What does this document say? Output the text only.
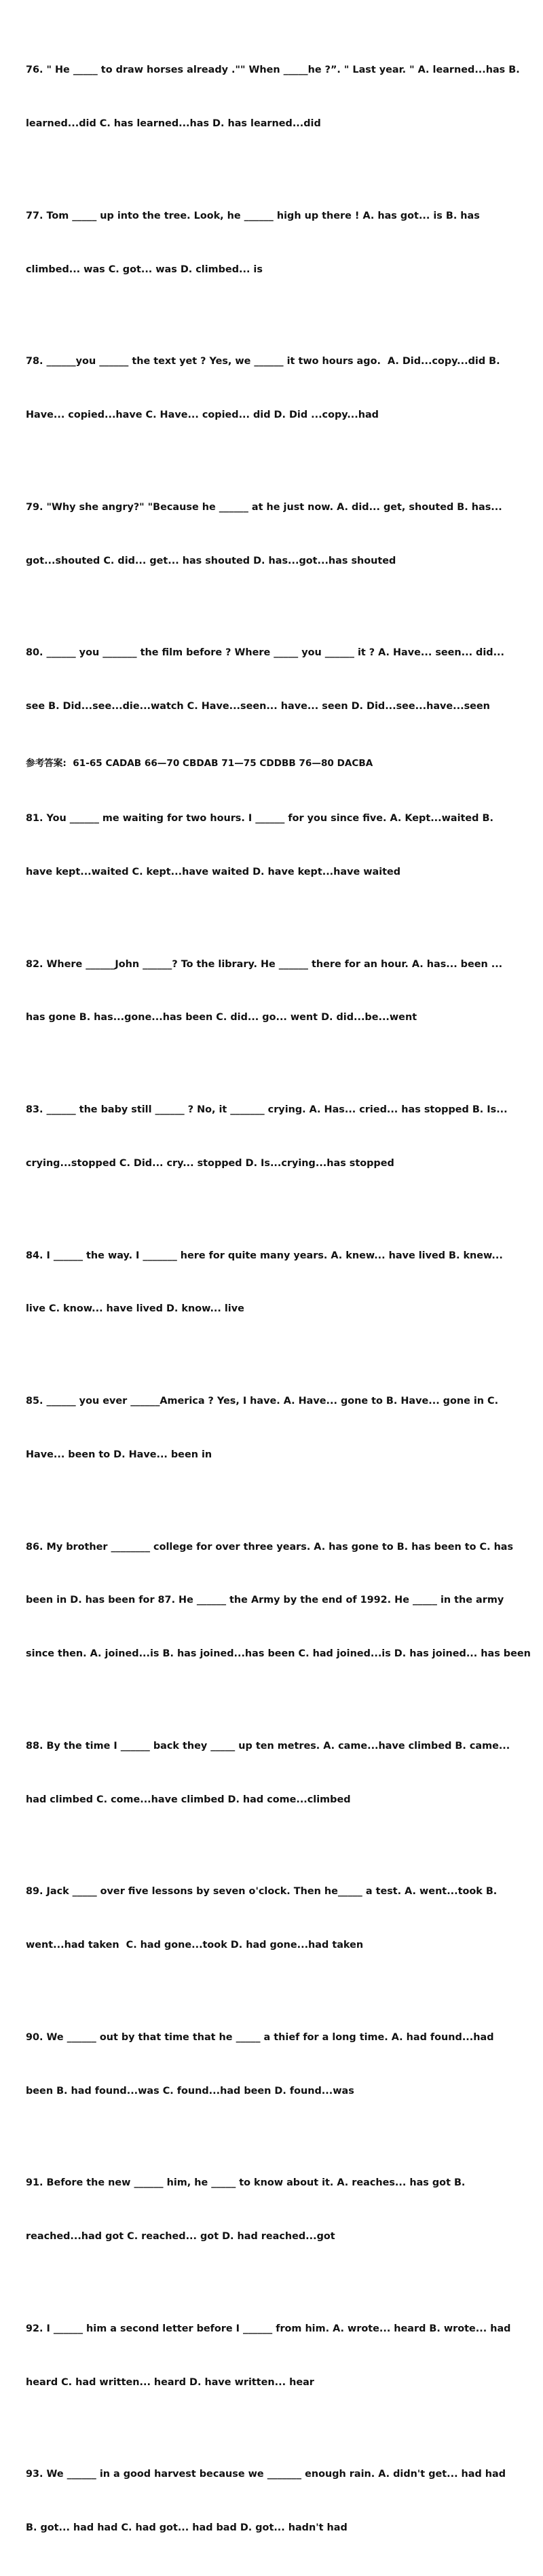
76. " He _____ to draw horses already ."" When _____he ?”. " Last year. " A. learned...has B.

learned...did C. has learned...has D. has learned...did

77. Tom _____ up into the tree. Look, he ______ high up there ! A. has got... is B. has

climbed... was C. got... was D. climbed... is

78. ______you ______ the text yet ? Yes, we ______ it two hours ago.  A. Did...copy...did B.

Have... copied...have C. Have... copied... did D. Did ...copy...had

79. "Why she angry?" "Because he ______ at he just now. A. did... get, shouted B. has...

got...shouted C. did... get... has shouted D. has...got...has shouted

80. ______ you _______ the film before ? Where _____ you ______ it ? A. Have... seen... did...

see B. Did...see...die...watch C. Have...seen... have... seen D. Did...see...have...seen

参考答案:  61-65 CADAB 66—70 CBDAB 71—75 CDDBB 76—80 DACBA

81. You ______ me waiting for two hours. I ______ for you since five. A. Kept...waited B.

have kept...waited C. kept...have waited D. have kept...have waited

82. Where ______John ______? To the library. He ______ there for an hour. A. has... been ...

has gone B. has...gone...has been C. did... go... went D. did...be...went

83. ______ the baby still ______ ? No, it _______ crying. A. Has... cried... has stopped B. Is...

crying...stopped C. Did... cry... stopped D. Is...crying...has stopped

84. I ______ the way. I _______ here for quite many years. A. knew... have lived B. knew...

live C. know... have lived D. know... live

85. ______ you ever ______America ? Yes, I have. A. Have... gone to B. Have... gone in C.

Have... been to D. Have... been in

86. My brother ________ college for over three years. A. has gone to B. has been to C. has

been in D. has been for 87. He ______ the Army by the end of 1992. He _____ in the army

since then. A. joined...is B. has joined...has been C. had joined...is D. has joined... has been

88. By the time I ______ back they _____ up ten metres. A. came...have climbed B. came...

had climbed C. come...have climbed D. had come...climbed

89. Jack _____ over five lessons by seven o'clock. Then he_____ a test. A. went...took B.

went...had taken  C. had gone...took D. had gone...had taken

90. We ______ out by that time that he _____ a thief for a long time. A. had found...had

been B. had found...was C. found...had been D. found...was

91. Before the new ______ him, he _____ to know about it. A. reaches... has got B.

reached...had got C. reached... got D. had reached...got

92. I ______ him a second letter before I ______ from him. A. wrote... heard B. wrote... had

heard C. had written... heard D. have written... hear

93. We ______ in a good harvest because we _______ enough rain. A. didn't get... had had

B. got... had had C. had got... had bad D. got... hadn't had
